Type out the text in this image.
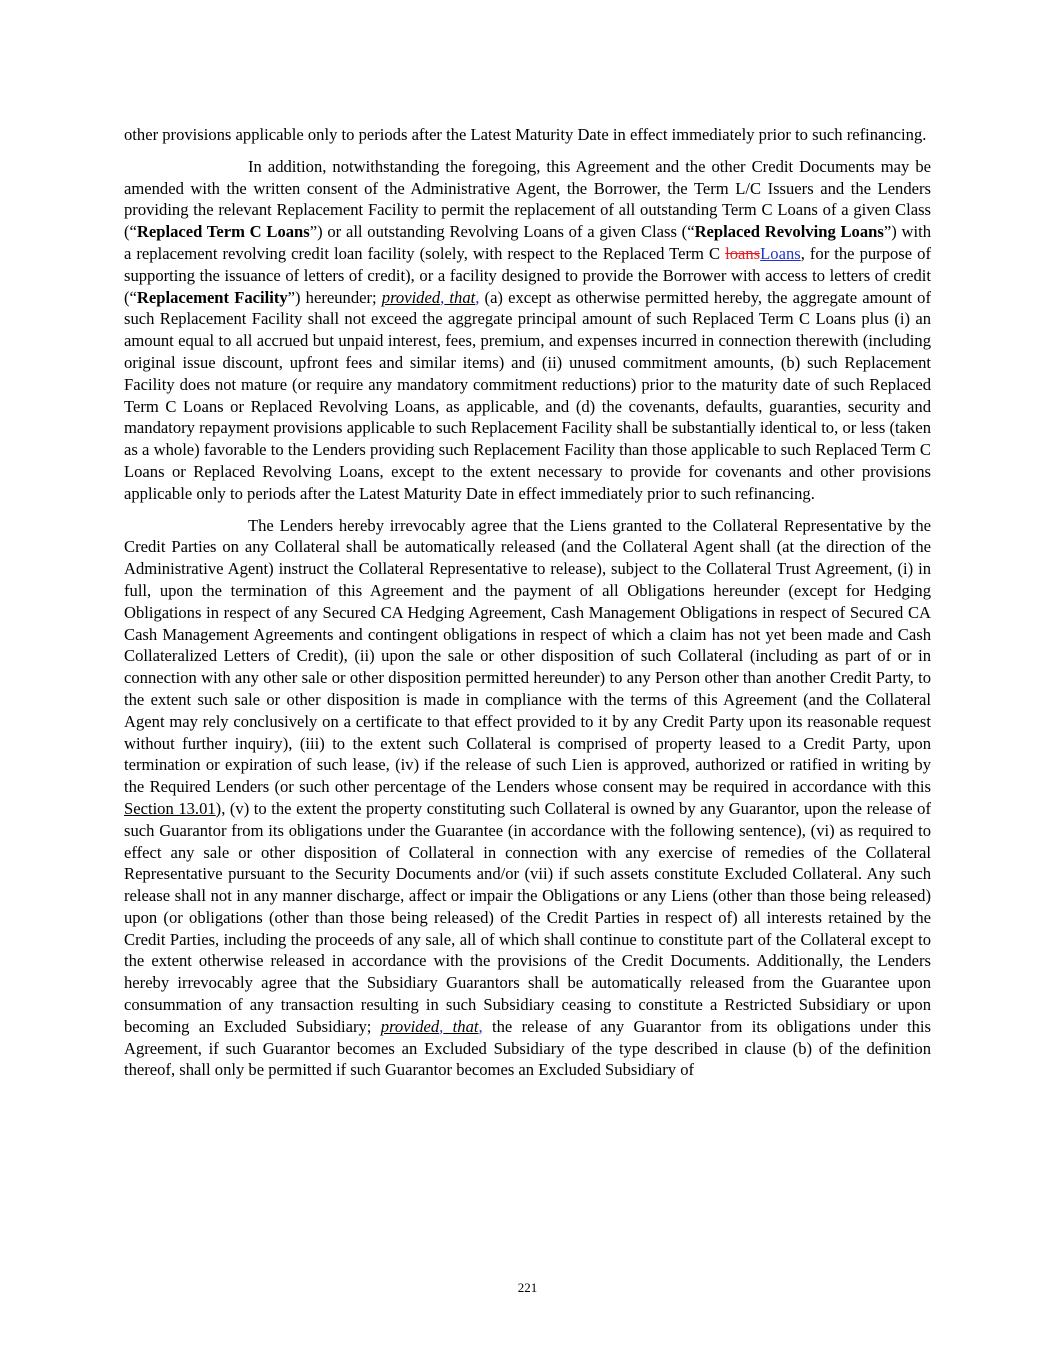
other provisions applicable only to periods after the Latest Maturity Date in effect immediately prior to such refinancing.

In addition, notwithstanding the foregoing, this Agreement and the other Credit Documents may be amended with the written consent of the Administrative Agent, the Borrower, the Term L/C Issuers and the Lenders providing the relevant Replacement Facility to permit the replacement of all outstanding Term C Loans of a given Class (“Replaced Term C Loans”) or all outstanding Revolving Loans of a given Class (“Replaced Revolving Loans”) with a replacement revolving credit loan facility (solely, with respect to the Replaced Term C loansLoans, for the purpose of supporting the issuance of letters of credit), or a facility designed to provide the Borrower with access to letters of credit (“Replacement Facility”) hereunder; provided, that, (a) except as otherwise permitted hereby, the aggregate amount of such Replacement Facility shall not exceed the aggregate principal amount of such Replaced Term C Loans plus (i) an amount equal to all accrued but unpaid interest, fees, premium, and expenses incurred in connection therewith (including original issue discount, upfront fees and similar items) and (ii) unused commitment amounts, (b) such Replacement Facility does not mature (or require any mandatory commitment reductions) prior to the maturity date of such Replaced Term C Loans or Replaced Revolving Loans, as applicable, and (d) the covenants, defaults, guaranties, security and mandatory repayment provisions applicable to such Replacement Facility shall be substantially identical to, or less (taken as a whole) favorable to the Lenders providing such Replacement Facility than those applicable to such Replaced Term C Loans or Replaced Revolving Loans, except to the extent necessary to provide for covenants and other provisions applicable only to periods after the Latest Maturity Date in effect immediately prior to such refinancing.

The Lenders hereby irrevocably agree that the Liens granted to the Collateral Representative by the Credit Parties on any Collateral shall be automatically released (and the Collateral Agent shall (at the direction of the Administrative Agent) instruct the Collateral Representative to release), subject to the Collateral Trust Agreement, (i) in full, upon the termination of this Agreement and the payment of all Obligations hereunder (except for Hedging Obligations in respect of any Secured CA Hedging Agreement, Cash Management Obligations in respect of Secured CA Cash Management Agreements and contingent obligations in respect of which a claim has not yet been made and Cash Collateralized Letters of Credit), (ii) upon the sale or other disposition of such Collateral (including as part of or in connection with any other sale or other disposition permitted hereunder) to any Person other than another Credit Party, to the extent such sale or other disposition is made in compliance with the terms of this Agreement (and the Collateral Agent may rely conclusively on a certificate to that effect provided to it by any Credit Party upon its reasonable request without further inquiry), (iii) to the extent such Collateral is comprised of property leased to a Credit Party, upon termination or expiration of such lease, (iv) if the release of such Lien is approved, authorized or ratified in writing by the Required Lenders (or such other percentage of the Lenders whose consent may be required in accordance with this Section 13.01), (v) to the extent the property constituting such Collateral is owned by any Guarantor, upon the release of such Guarantor from its obligations under the Guarantee (in accordance with the following sentence), (vi) as required to effect any sale or other disposition of Collateral in connection with any exercise of remedies of the Collateral Representative pursuant to the Security Documents and/or (vii) if such assets constitute Excluded Collateral. Any such release shall not in any manner discharge, affect or impair the Obligations or any Liens (other than those being released) upon (or obligations (other than those being released) of the Credit Parties in respect of) all interests retained by the Credit Parties, including the proceeds of any sale, all of which shall continue to constitute part of the Collateral except to the extent otherwise released in accordance with the provisions of the Credit Documents. Additionally, the Lenders hereby irrevocably agree that the Subsidiary Guarantors shall be automatically released from the Guarantee upon consummation of any transaction resulting in such Subsidiary ceasing to constitute a Restricted Subsidiary or upon becoming an Excluded Subsidiary; provided, that, the release of any Guarantor from its obligations under this Agreement, if such Guarantor becomes an Excluded Subsidiary of the type described in clause (b) of the definition thereof, shall only be permitted if such Guarantor becomes an Excluded Subsidiary of

221
